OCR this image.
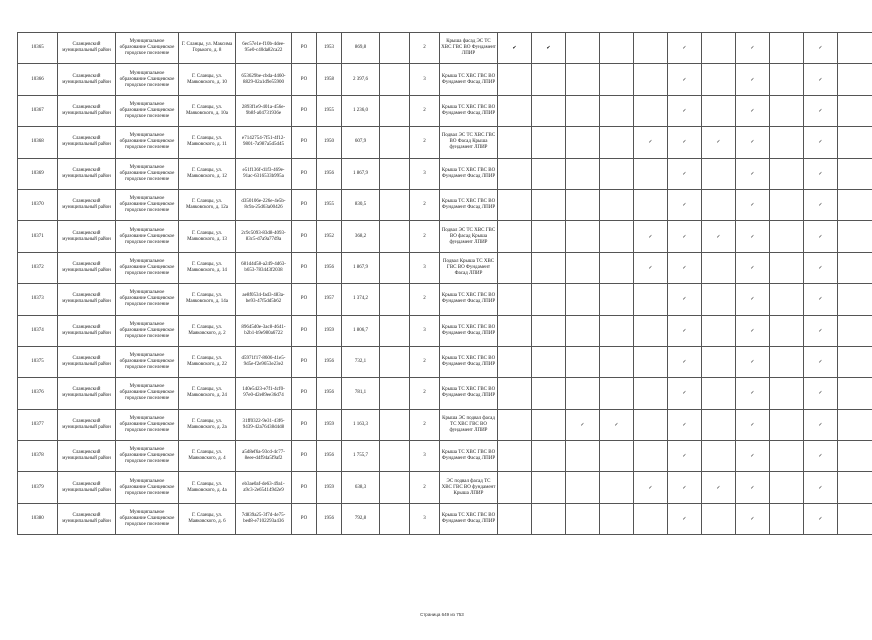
10365	Сланцевский муниципальный район	Муниципальное образование Сланцевское городское поселение	Г. Сланцы, ул. Максима Горького, д. 8	6ec57e1e-f10b-4dee-95e0-c40da82ca22	РО	1953	869,8		2	Крыша фасад ЭС ТС ХВС ГВС ВО Фундамент ЛПИР	✔	✔				✓		✓		✓		
10366	Сланцевский муниципальный район	Муниципальное образование Сланцевское городское поселение	Г. Сланцы, ул. Маяковского, д. 10	653629be-cbda-4460-8829-02a1d9e55900	РО	1958	2 397,6		3	Крыша ТС ХВС ГВС ВО Фундамент Фасад ЛПИР						✓		✓		✓		
10367	Сланцевский муниципальный район	Муниципальное образование Сланцевское городское поселение	Г. Сланцы, ул. Маяковского, д. 10а	2893f1e9-401a-456e-9b8f-a04731936e	РО	1955	1 236,0		2	Крыша ТС ХВС ГВС ВО Фундамент Фасад ЛПИР						✓		✓		✓		
10368	Сланцевский муниципальный район	Муниципальное образование Сланцевское городское поселение	Г. Сланцы, ул. Маяковского, д. 11	e7142754-7f51-4f12-9801-7a987a5d5d45	РО	1950	607,9		2	Подвал ЭС ТС ХВС ГВС ВО Фасад Крыша фундамент ЛПИР					✓	✓	✓	✓		✓		
10369	Сланцевский муниципальный район	Муниципальное образование Сланцевское городское поселение	Г. Сланцы, ул. Маяковского, д. 12	e51f136f-d1f3-469e-91ac-6316533b995a	РО	1956	1 867,9		3	Крыша ТС ХВС ГВС ВО Фундамент Фасад ЛПИР						✓		✓		✓		
10370	Сланцевский муниципальный район	Муниципальное образование Сланцевское городское поселение	Г. Сланцы, ул. Маяковского, д. 12а	d350106e-226e-4e5b-8c9a-25d63a00426	РО	1955	830,5		2	Крыша ТС ХВС ГВС ВО Фундамент Фасад ЛПИР						✓		✓		✓		
10371	Сланцевский муниципальный район	Муниципальное образование Сланцевское городское поселение	Г. Сланцы, ул. Маяковского, д. 13	2c9c5093-83d8-4093-83c5-d7a9a77d9a	РО	1952	368,2		2	Подвал ЭС ТС ХВС ГВС ВО фасад Крыша фундамент ЛПИР					✓	✓	✓	✓		✓		
10372	Сланцевский муниципальный район	Муниципальное образование Сланцевское городское поселение	Г. Сланцы, ул. Маяковского, д. 14	681d4d58-a249-4d63-b653-783443f2038	РО	1956	1 867,9		3	Подвал Крыша ТС ХВС ГВС ВО Фундамент Фасад ЛПИР					✓	✓		✓		✓		
10373	Сланцевский муниципальный район	Муниципальное образование Сланцевское городское поселение	Г. Сланцы, ул. Маяковского, д. 14а	ae8f0534-fad3-483a-be93-47f5dd5b62	РО	1957	1 374,2		2	Крыша ТС ХВС ГВС ВО Фундамент Фасад ЛПИР						✓		✓		✓		
10374	Сланцевский муниципальный район	Муниципальное образование Сланцевское городское поселение	Г. Сланцы, ул. Маяковского, д. 2	89645d0e-3ac8-4641-b2b1-b9e980a6722	РО	1959	1 806,7		3	Крыша ТС ХВС ГВС ВО Фундамент Фасад ЛПИР						✓		✓		✓		
10375	Сланцевский муниципальный район	Муниципальное образование Сланцевское городское поселение	Г. Сланцы, ул. Маяковского, д. 22	d5971f17-8606-41e5-9d5e-f2e9653e23e2	РО	1956	732,1		2	Крыша ТС ХВС ГВС ВО Фундамент Фасад ЛПИР						✓		✓		✓		
10376	Сланцевский муниципальный район	Муниципальное образование Сланцевское городское поселение	Г. Сланцы, ул. Маяковского, д. 24	140e5423-e7f1-4cf0-97e0-d2e89ee36d74	РО	1956	781,1		2	Крыша ТС ХВС ГВС ВО Фундамент Фасад ЛПИР						✓		✓		✓		
10377	Сланцевский муниципальный район	Муниципальное образование Сланцевское городское поселение	Г. Сланцы, ул. Маяковского, д. 2а	31ff0322-9e31-43f6-9439-42a76438d4d8	РО	1959	1 163,3		2	Крыша ЭС подвал фасад ТС ХВС ГВС ВО фундамент ЛПИР			✓	✓		✓		✓		✓		
10378	Сланцевский муниципальный район	Муниципальное образование Сланцевское городское поселение	Г. Сланцы, ул. Маяковского, д. 4	a5d8ef6a-93cd-4c77-8eee-d4f94a5f9af2	РО	1956	1 755,7		3	Крыша ТС ХВС ГВС ВО Фундамент Фасад ЛПИР						✓		✓		✓		
10379	Сланцевский муниципальный район	Муниципальное образование Сланцевское городское поселение	Г. Сланцы, ул. Маяковского, д. 4а	eb3ae0af-de63-49a1-a9c3-2e654149d2e9	РО	1959	638,3		2	ЭС подвал фасад ТС ХВС ГВС ВО фундамент Крыша ЛПИР					✓	✓	✓	✓		✓		
10380	Сланцевский муниципальный район	Муниципальное образование Сланцевское городское поселение	Г. Сланцы, ул. Маяковского, д. 6	7d839a25-3f7d-4e75-bed8-e7102293a436	РО	1956	792,8		3	Крыша ТС ХВС ГВС ВО Фундамент Фасад ЛПИР						✓		✓		✓		
Страница 649 из 753
